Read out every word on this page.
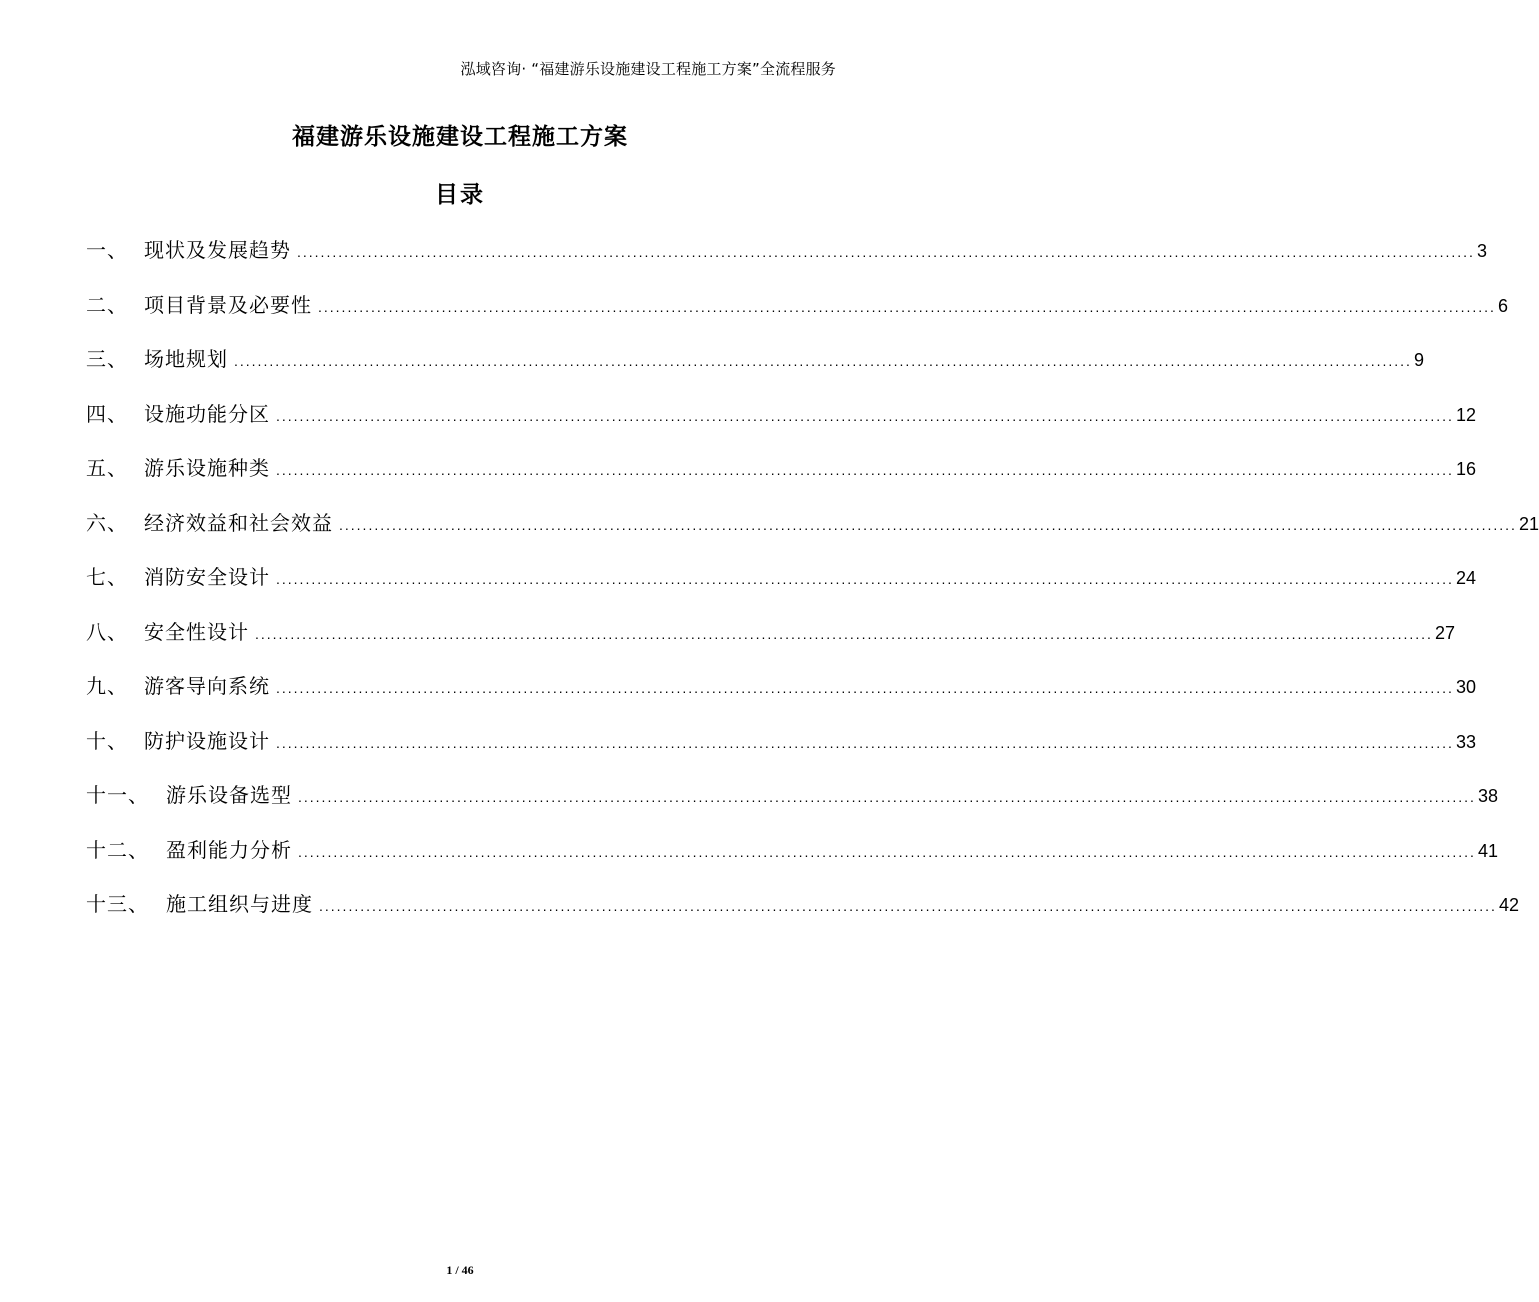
泓域咨询· “福建游乐设施建设工程施工方案”全流程服务
福建游乐设施建设工程施工方案
目录
一、 现状及发展趋势 ........................................................................................................................................................................................................ 3
二、 项目背景及必要性 ........................................................................................................................................................................................................ 6
三、 场地规划 ........................................................................................................................................................................................................ 9
四、 设施功能分区 ........................................................................................................................................................................................................ 12
五、 游乐设施种类 ........................................................................................................................................................................................................ 16
六、 经济效益和社会效益 ........................................................................................................................................................................................................ 21
七、 消防安全设计 ........................................................................................................................................................................................................ 24
八、 安全性设计 ........................................................................................................................................................................................................ 27
九、 游客导向系统 ........................................................................................................................................................................................................ 30
十、 防护设施设计 ........................................................................................................................................................................................................ 33
十一、 游乐设备选型 ........................................................................................................................................................................................................ 38
十二、 盈利能力分析 ........................................................................................................................................................................................................ 41
十三、 施工组织与进度 ........................................................................................................................................................................................................ 42
1 / 46
